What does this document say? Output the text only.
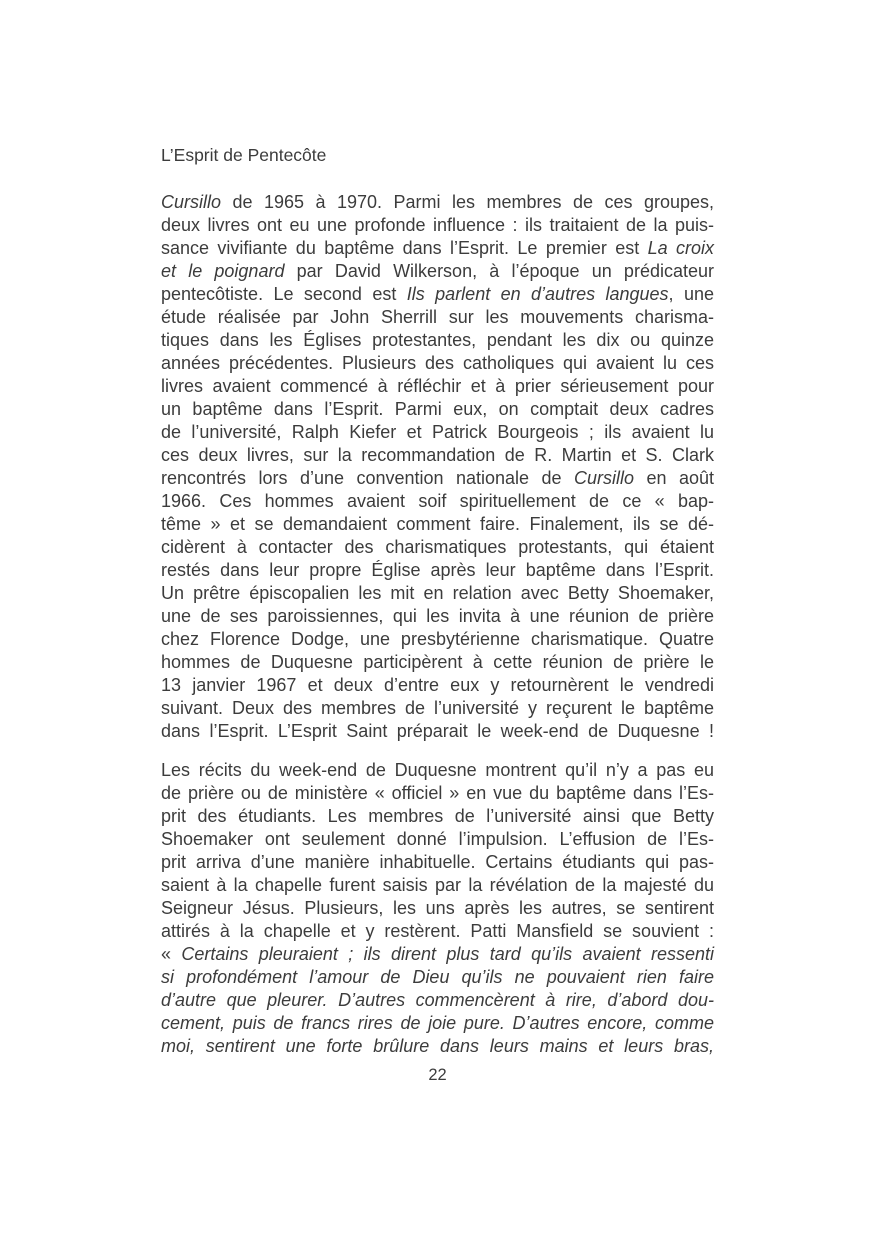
L’Esprit de Pentecôte

Cursillo de 1965 à 1970. Parmi les membres de ces groupes,
deux livres ont eu une profonde influence : ils traitaient de la puis-
sance vivifiante du baptême dans l’Esprit. Le premier est La croix
et le poignard par David Wilkerson, à l’époque un prédicateur
pentecôtiste. Le second est Ils parlent en d’autres langues, une
étude réalisée par John Sherrill sur les mouvements charisma-
tiques dans les Églises protestantes, pendant les dix ou quinze
années précédentes. Plusieurs des catholiques qui avaient lu ces
livres avaient commencé à réfléchir et à prier sérieusement pour
un baptême dans l’Esprit. Parmi eux, on comptait deux cadres
de l’université, Ralph Kiefer et Patrick Bourgeois ; ils avaient lu
ces deux livres, sur la recommandation de R. Martin et S. Clark
rencontrés lors d’une convention nationale de Cursillo en août
1966. Ces hommes avaient soif spirituellement de ce « bap-
tême » et se demandaient comment faire. Finalement, ils se dé-
cidèrent à contacter des charismatiques protestants, qui étaient
restés dans leur propre Église après leur baptême dans l’Esprit.
Un prêtre épiscopalien les mit en relation avec Betty Shoemaker,
une de ses paroissiennes, qui les invita à une réunion de prière
chez Florence Dodge, une presbytérienne charismatique. Quatre
hommes de Duquesne participèrent à cette réunion de prière le
13 janvier 1967 et deux d’entre eux y retournèrent le vendredi
suivant. Deux des membres de l’université y reçurent le baptême
dans l’Esprit. L’Esprit Saint préparait le week-end de Duquesne !

Les récits du week-end de Duquesne montrent qu’il n’y a pas eu
de prière ou de ministère « officiel » en vue du baptême dans l’Es-
prit des étudiants. Les membres de l’université ainsi que Betty
Shoemaker ont seulement donné l’impulsion. L’effusion de l’Es-
prit arriva d’une manière inhabituelle. Certains étudiants qui pas-
saient à la chapelle furent saisis par la révélation de la majesté du
Seigneur Jésus. Plusieurs, les uns après les autres, se sentirent
attirés à la chapelle et y restèrent. Patti Mansfield se souvient :
« Certains pleuraient ; ils dirent plus tard qu’ils avaient ressenti
si profondément l’amour de Dieu qu’ils ne pouvaient rien faire
d’autre que pleurer. D’autres commencèrent à rire, d’abord dou-
cement, puis de francs rires de joie pure. D’autres encore, comme
moi, sentirent une forte brûlure dans leurs mains et leurs bras,

22
